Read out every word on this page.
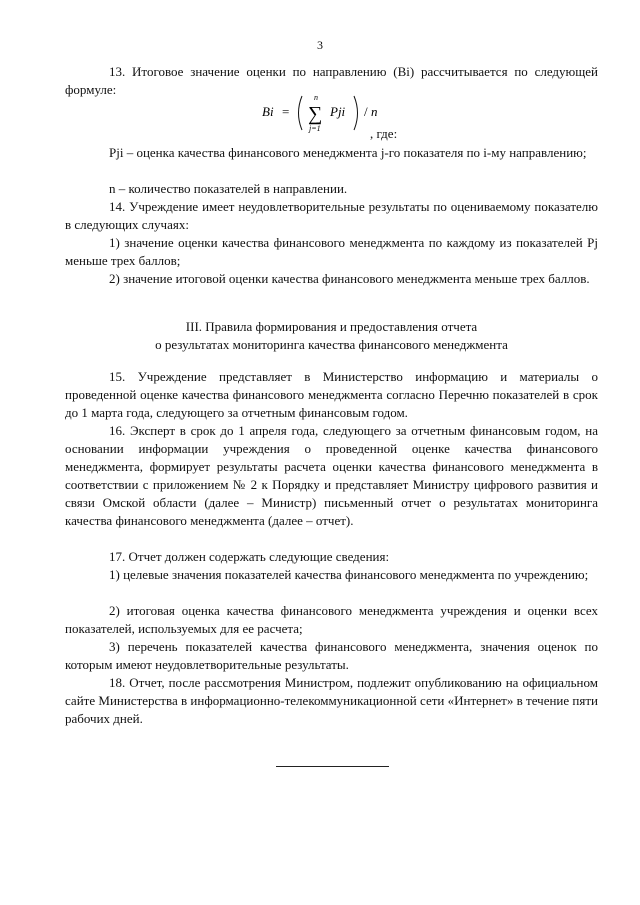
3

13. Итоговое значение оценки по направлению (Bi) рассчитывается по следующей формуле:

Bi =
n
∑
j=1
Pji / n
, где:

Pji – оценка качества финансового менеджмента j-го показателя по i-му направлению;

n – количество показателей в направлении.

14. Учреждение имеет неудовлетворительные результаты по оцениваемому показателю в следующих случаях:

1) значение оценки качества финансового менеджмента по каждому из показателей Pj меньше трех баллов;

2) значение итоговой оценки качества финансового менеджмента меньше трех баллов.

III. Правила формирования и предоставления отчета
о результатах мониторинга качества финансового менеджмента

15. Учреждение представляет в Министерство информацию и материалы о проведенной оценке качества финансового менеджмента согласно Перечню показателей в срок до 1 марта года, следующего за отчетным финансовым годом.

16. Эксперт в срок до 1 апреля года, следующего за отчетным финансовым годом, на основании информации учреждения о проведенной оценке качества финансового менеджмента, формирует результаты расчета оценки качества финансового менеджмента в соответствии с приложением № 2 к Порядку и представляет Министру цифрового развития и связи Омской области (далее – Министр) письменный отчет о результатах мониторинга качества финансового менеджмента (далее – отчет).

17. Отчет должен содержать следующие сведения:

1) целевые значения показателей качества финансового менеджмента по учреждению;

2) итоговая оценка качества финансового менеджмента учреждения и оценки всех показателей, используемых для ее расчета;

3) перечень показателей качества финансового менеджмента, значения оценок по которым имеют неудовлетворительные результаты.

18. Отчет, после рассмотрения Министром, подлежит опубликованию на официальном сайте Министерства в информационно-телекоммуникационной сети «Интернет» в течение пяти рабочих дней.
